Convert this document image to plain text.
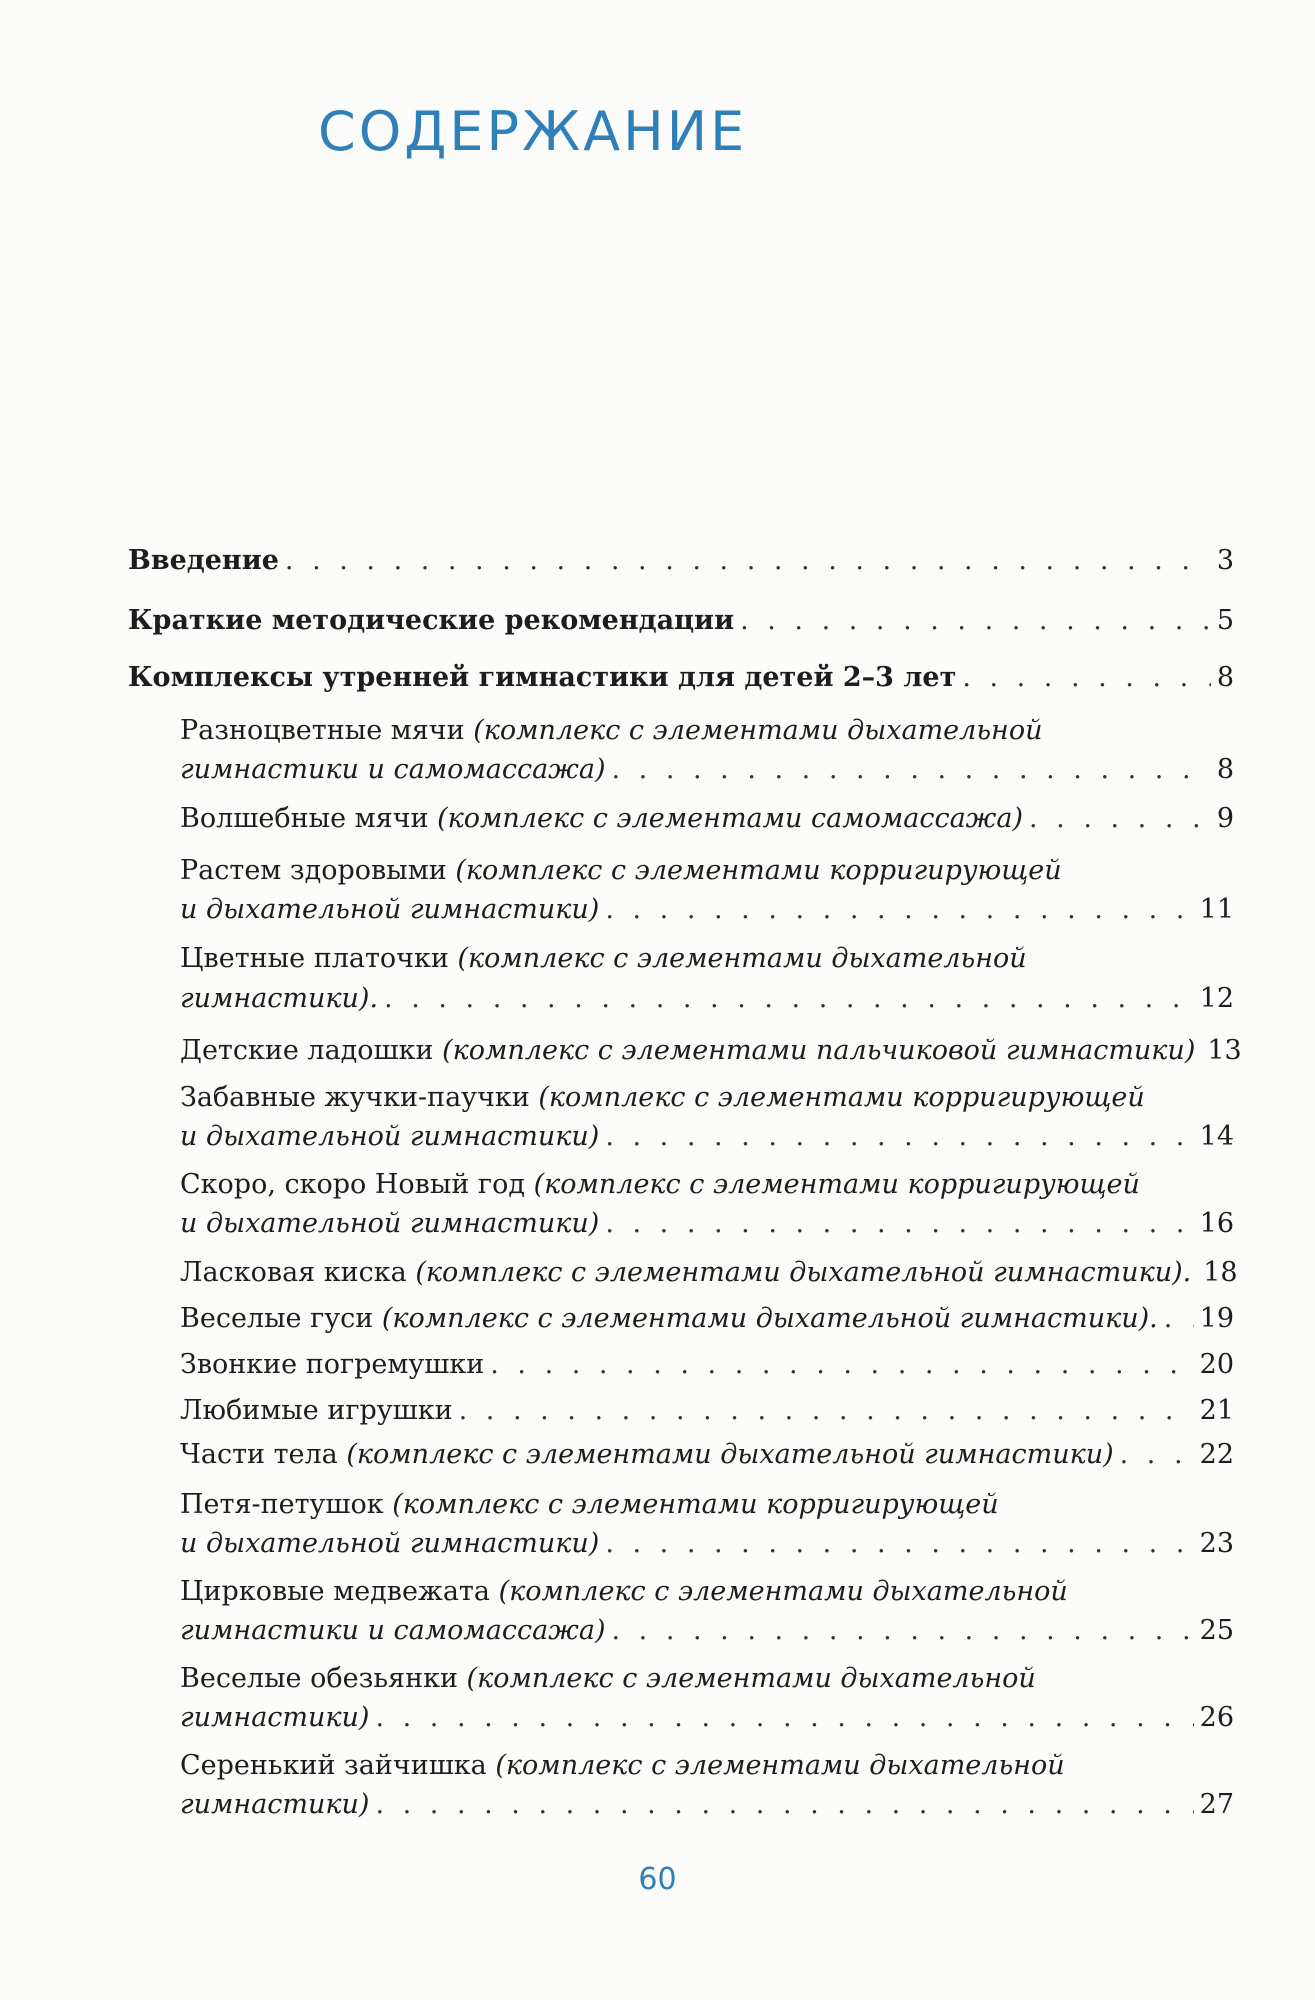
СОДЕРЖАНИЕ
Введение . . .	3
Краткие методические рекомендации . . .	5
Комплексы утренней гимнастики для детей 2–3 лет . . .	8
Разноцветные мячи
(комплекс с элементами дыхательной
гимнастики и самомассажа) . . .	8
Волшебные мячи
(комплекс с элементами самомассажа) . . .	9
Растем здоровыми
(комплекс с элементами корригирующей
и дыхательной гимнастики) . . .	11
Цветные платочки
(комплекс с элементами дыхательной
гимнастики). . . .	12
Детские ладошки
(комплекс с элементами пальчиковой гимнастики) 13
Забавные жучки-паучки
(комплекс с элементами корригирующей
и дыхательной гимнастики) . . .	14
Скоро, скоро Новый год
(комплекс с элементами корригирующей
и дыхательной гимнастики) . . .	16
Ласковая киска
(комплекс с элементами дыхательной гимнастики). 18
Веселые гуси
(комплекс с элементами дыхательной гимнастики). . . . 19
Звонкие погремушки . . .	20
Любимые игрушки . . .	21
Части тела
(комплекс с элементами дыхательной гимнастики) . . .	22
Петя-петушок
(комплекс с элементами корригирующей
и дыхательной гимнастики) . . .	23
Цирковые медвежата
(комплекс с элементами дыхательной
гимнастики и самомассажа) . . .	25
Веселые обезьянки
(комплекс с элементами дыхательной
гимнастики) . . .	26
Серенький зайчишка
(комплекс с элементами дыхательной
гимнастики) . . .	27
60
